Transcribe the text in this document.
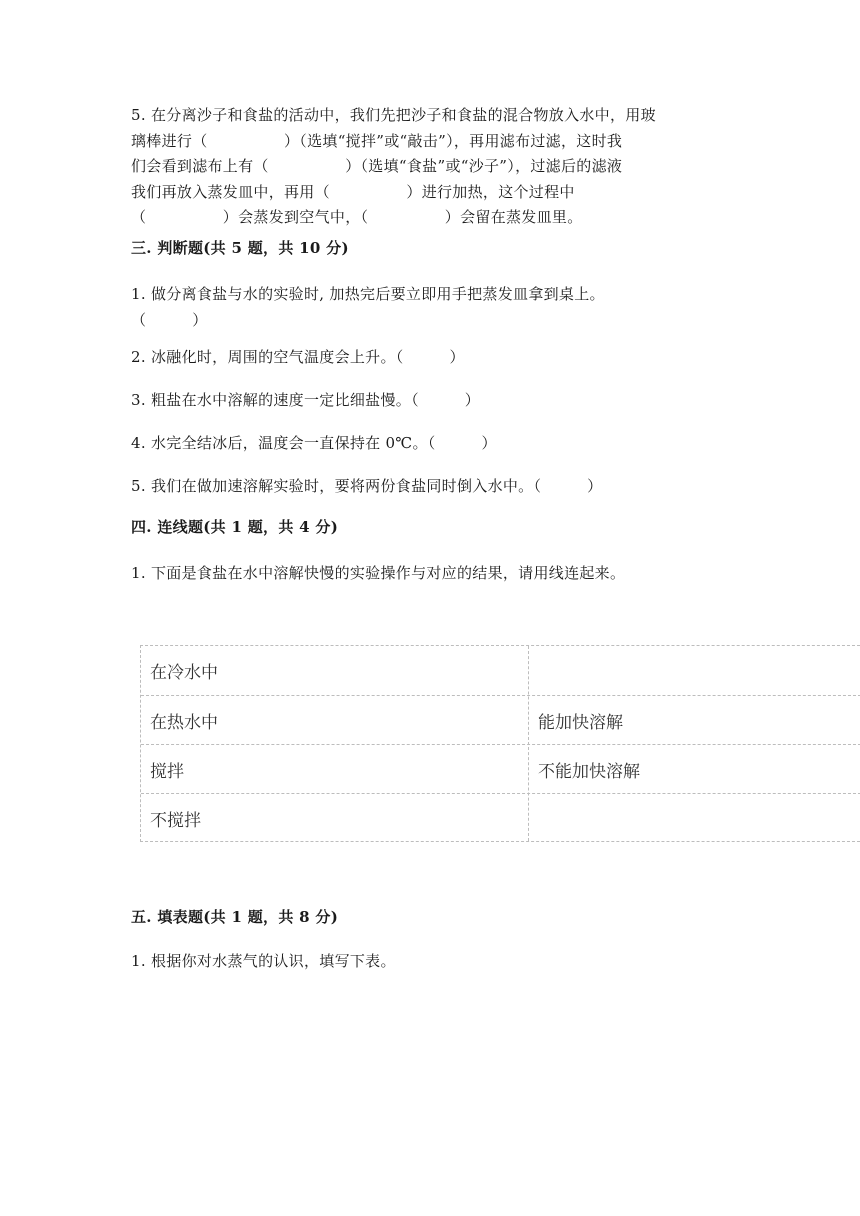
5. 在分离沙子和食盐的活动中，我们先把沙子和食盐的混合物放入水中，用玻
璃棒进行（　　　　　）（选填“搅拌”或“敲击”），再用滤布过滤，这时我
们会看到滤布上有（　　　　　）（选填“食盐”或“沙子”），过滤后的滤液
我们再放入蒸发皿中，再用（　　　　　）进行加热，这个过程中
（　　　　　）会蒸发到空气中，（　　　　　）会留在蒸发皿里。
三. 判断题(共 5 题，共 10 分)
1. 做分离食盐与水的实验时, 加热完后要立即用手把蒸发皿拿到桌上。
（　　　）
2. 冰融化时，周围的空气温度会上升。（　　　）
3. 粗盐在水中溶解的速度一定比细盐慢。（　　　）
4. 水完全结冰后，温度会一直保持在 0℃。（　　　）
5. 我们在做加速溶解实验时，要将两份食盐同时倒入水中。（　　　）
四. 连线题(共 1 题，共 4 分)
1. 下面是食盐在水中溶解快慢的实验操作与对应的结果，请用线连起来。
在冷水中
在热水中	能加快溶解
搅拌	不能加快溶解
不搅拌
五. 填表题(共 1 题，共 8 分)
1. 根据你对水蒸气的认识，填写下表。
